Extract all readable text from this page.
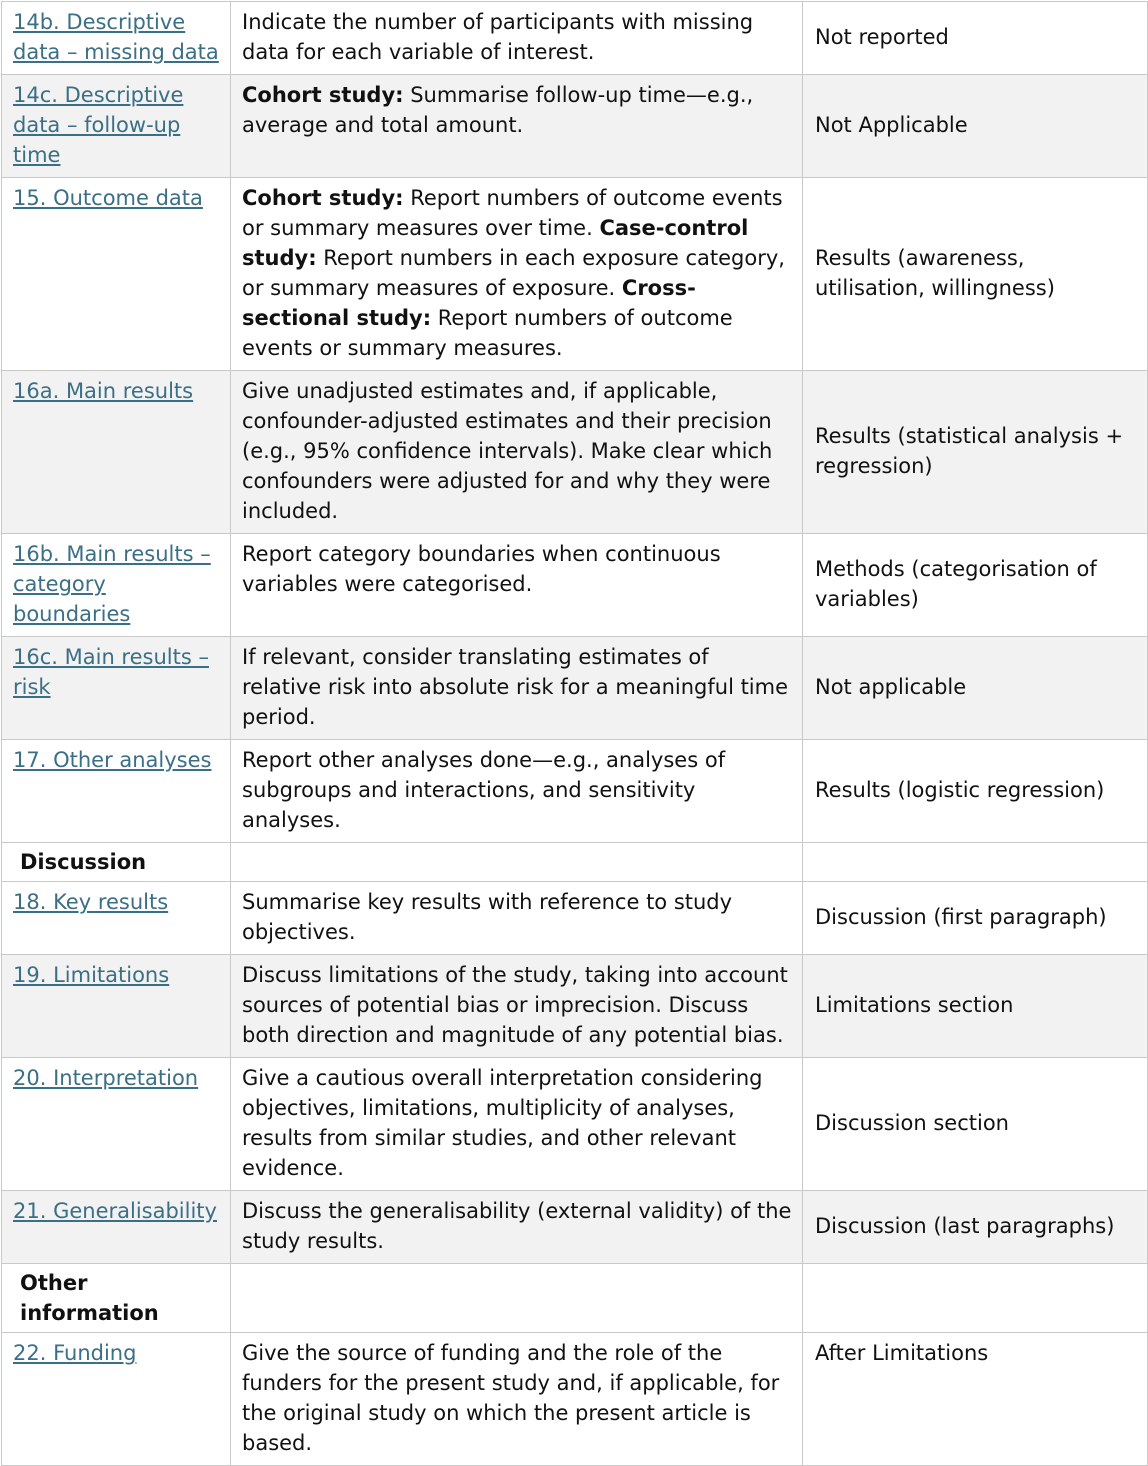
14b. Descriptive data – missing data	Indicate the number of participants with missing data for each variable of interest.	Not reported
14c. Descriptive data – follow-up time	Cohort study: Summarise follow-up time—e.g., average and total amount.	Not Applicable
15. Outcome data	Cohort study: Report numbers of outcome events or summary measures over time. Case-control study: Report numbers in each exposure category, or summary measures of exposure. Cross-sectional study: Report numbers of outcome events or summary measures.	Results (awareness, utilisation, willingness)
16a. Main results	Give unadjusted estimates and, if applicable, confounder-adjusted estimates and their precision (e.g., 95% confidence intervals). Make clear which confounders were adjusted for and why they were included.	Results (statistical analysis + regression)
16b. Main results – category boundaries	Report category boundaries when continuous variables were categorised.	Methods (categorisation of variables)
16c. Main results – risk	If relevant, consider translating estimates of relative risk into absolute risk for a meaningful time period.	Not applicable
17. Other analyses	Report other analyses done—e.g., analyses of subgroups and interactions, and sensitivity analyses.	Results (logistic regression)
Discussion		
18. Key results	Summarise key results with reference to study objectives.	Discussion (first paragraph)
19. Limitations	Discuss limitations of the study, taking into account sources of potential bias or imprecision. Discuss both direction and magnitude of any potential bias.	Limitations section
20. Interpretation	Give a cautious overall interpretation considering objectives, limitations, multiplicity of analyses, results from similar studies, and other relevant evidence.	Discussion section
21. Generalisability	Discuss the generalisability (external validity) of the study results.	Discussion (last paragraphs)
Other information		
22. Funding	Give the source of funding and the role of the funders for the present study and, if applicable, for the original study on which the present article is based.	After Limitations
